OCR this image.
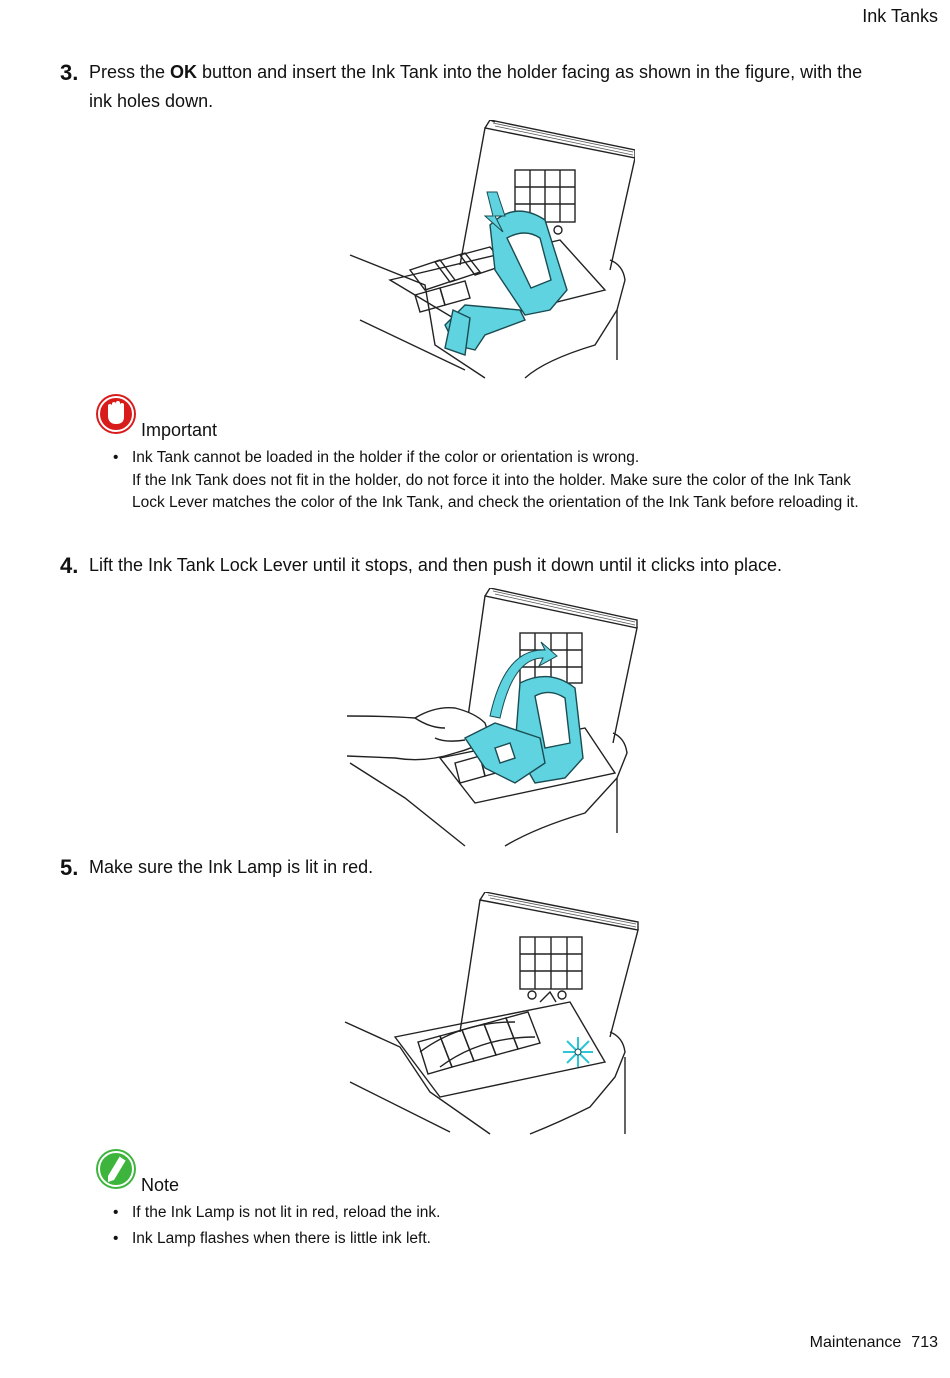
Ink Tanks
3. Press the OK button and insert the Ink Tank into the holder facing as shown in the figure, with the ink holes down.
Important
• Ink Tank cannot be loaded in the holder if the color or orientation is wrong.
If the Ink Tank does not fit in the holder, do not force it into the holder. Make sure the color of the Ink Tank Lock Lever matches the color of the Ink Tank, and check the orientation of the Ink Tank before reloading it.
4. Lift the Ink Tank Lock Lever until it stops, and then push it down until it clicks into place.
5. Make sure the Ink Lamp is lit in red.
Note
• If the Ink Lamp is not lit in red, reload the ink.
• Ink Lamp flashes when there is little ink left.
Maintenance 713
